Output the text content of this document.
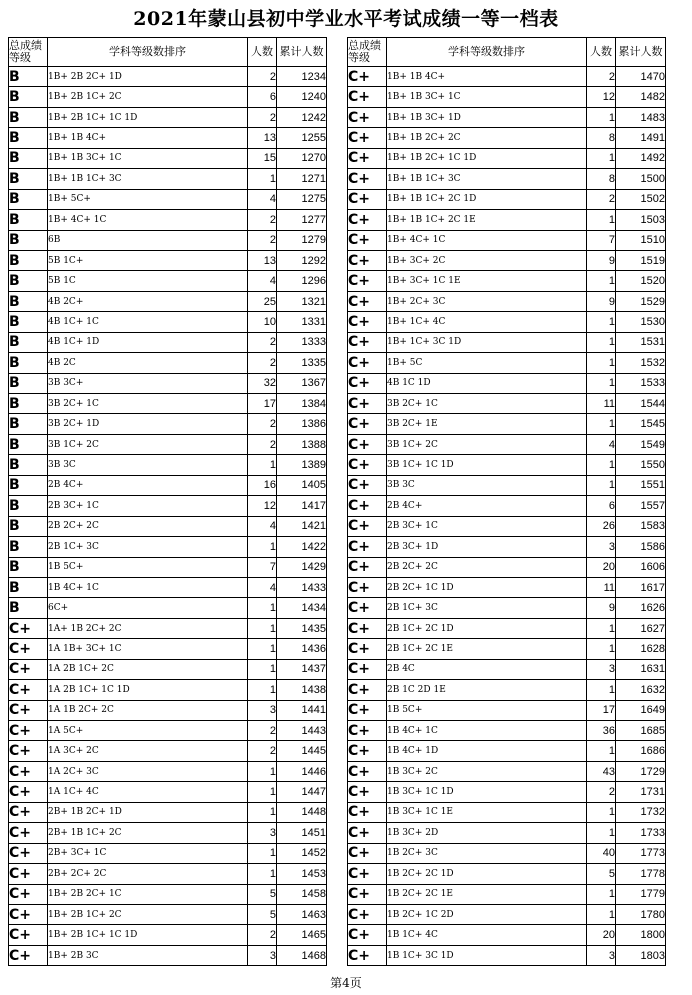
2021年蒙山县初中学业水平考试成绩一等一档表
总成绩
等级	学科等级数排序	人数	累计人数
B	1B+ 2B 2C+ 1D	2	1234
B	1B+ 2B 1C+ 2C	6	1240
B	1B+ 2B 1C+ 1C 1D	2	1242
B	1B+ 1B 4C+	13	1255
B	1B+ 1B 3C+ 1C	15	1270
B	1B+ 1B 1C+ 3C	1	1271
B	1B+ 5C+	4	1275
B	1B+ 4C+ 1C	2	1277
B	6B	2	1279
B	5B 1C+	13	1292
B	5B 1C	4	1296
B	4B 2C+	25	1321
B	4B 1C+ 1C	10	1331
B	4B 1C+ 1D	2	1333
B	4B 2C	2	1335
B	3B 3C+	32	1367
B	3B 2C+ 1C	17	1384
B	3B 2C+ 1D	2	1386
B	3B 1C+ 2C	2	1388
B	3B 3C	1	1389
B	2B 4C+	16	1405
B	2B 3C+ 1C	12	1417
B	2B 2C+ 2C	4	1421
B	2B 1C+ 3C	1	1422
B	1B 5C+	7	1429
B	1B 4C+ 1C	4	1433
B	6C+	1	1434
C+	1A+ 1B 2C+ 2C	1	1435
C+	1A 1B+ 3C+ 1C	1	1436
C+	1A 2B 1C+ 2C	1	1437
C+	1A 2B 1C+ 1C 1D	1	1438
C+	1A 1B 2C+ 2C	3	1441
C+	1A 5C+	2	1443
C+	1A 3C+ 2C	2	1445
C+	1A 2C+ 3C	1	1446
C+	1A 1C+ 4C	1	1447
C+	2B+ 1B 2C+ 1D	1	1448
C+	2B+ 1B 1C+ 2C	3	1451
C+	2B+ 3C+ 1C	1	1452
C+	2B+ 2C+ 2C	1	1453
C+	1B+ 2B 2C+ 1C	5	1458
C+	1B+ 2B 1C+ 2C	5	1463
C+	1B+ 2B 1C+ 1C 1D	2	1465
C+	1B+ 2B 3C	3	1468
总成绩
等级	学科等级数排序	人数	累计人数
C+	1B+ 1B 4C+	2	1470
C+	1B+ 1B 3C+ 1C	12	1482
C+	1B+ 1B 3C+ 1D	1	1483
C+	1B+ 1B 2C+ 2C	8	1491
C+	1B+ 1B 2C+ 1C 1D	1	1492
C+	1B+ 1B 1C+ 3C	8	1500
C+	1B+ 1B 1C+ 2C 1D	2	1502
C+	1B+ 1B 1C+ 2C 1E	1	1503
C+	1B+ 4C+ 1C	7	1510
C+	1B+ 3C+ 2C	9	1519
C+	1B+ 3C+ 1C 1E	1	1520
C+	1B+ 2C+ 3C	9	1529
C+	1B+ 1C+ 4C	1	1530
C+	1B+ 1C+ 3C 1D	1	1531
C+	1B+ 5C	1	1532
C+	4B 1C 1D	1	1533
C+	3B 2C+ 1C	11	1544
C+	3B 2C+ 1E	1	1545
C+	3B 1C+ 2C	4	1549
C+	3B 1C+ 1C 1D	1	1550
C+	3B 3C	1	1551
C+	2B 4C+	6	1557
C+	2B 3C+ 1C	26	1583
C+	2B 3C+ 1D	3	1586
C+	2B 2C+ 2C	20	1606
C+	2B 2C+ 1C 1D	11	1617
C+	2B 1C+ 3C	9	1626
C+	2B 1C+ 2C 1D	1	1627
C+	2B 1C+ 2C 1E	1	1628
C+	2B 4C	3	1631
C+	2B 1C 2D 1E	1	1632
C+	1B 5C+	17	1649
C+	1B 4C+ 1C	36	1685
C+	1B 4C+ 1D	1	1686
C+	1B 3C+ 2C	43	1729
C+	1B 3C+ 1C 1D	2	1731
C+	1B 3C+ 1C 1E	1	1732
C+	1B 3C+ 2D	1	1733
C+	1B 2C+ 3C	40	1773
C+	1B 2C+ 2C 1D	5	1778
C+	1B 2C+ 2C 1E	1	1779
C+	1B 2C+ 1C 2D	1	1780
C+	1B 1C+ 4C	20	1800
C+	1B 1C+ 3C 1D	3	1803
第4页
